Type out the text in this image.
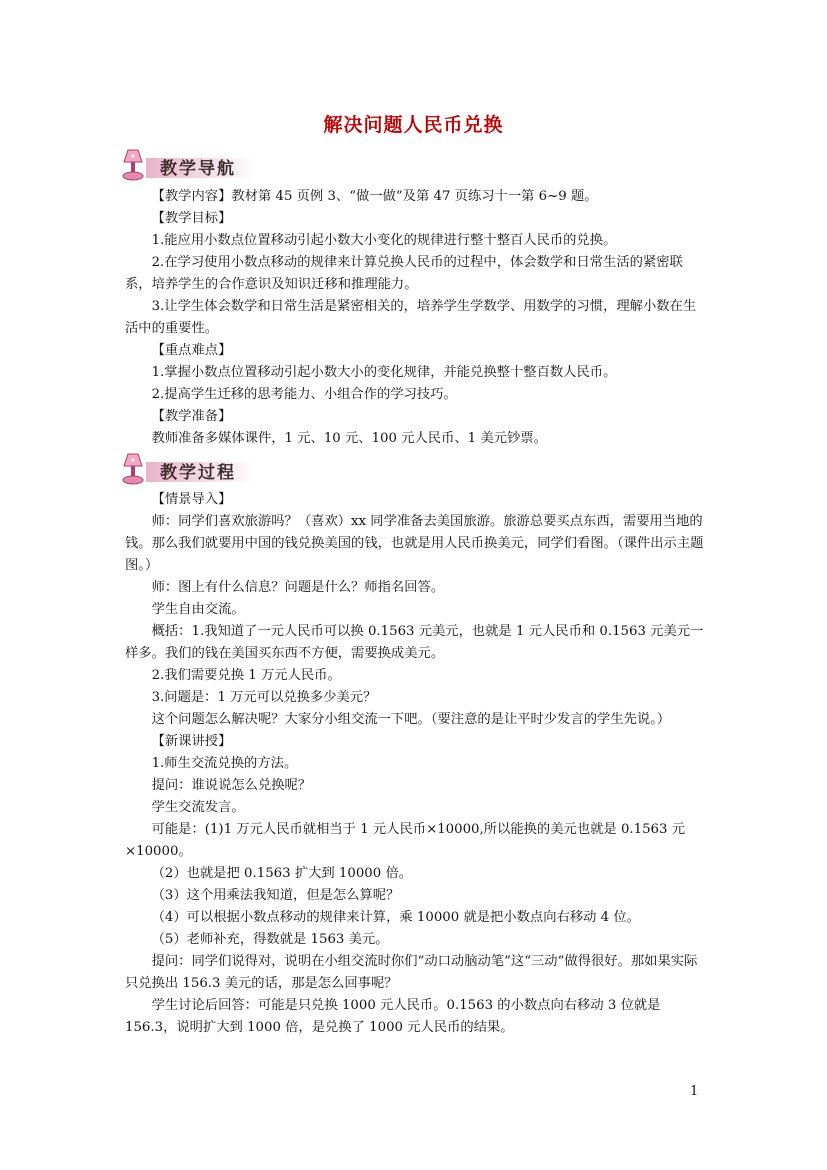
解决问题人民币兑换
教学导航

【教学内容】教材第 45 页例 3、“做一做”及第 47 页练习十一第 6~9 题。

【教学目标】

1.能应用小数点位置移动引起小数大小变化的规律进行整十整百人民币的兑换。

2.在学习使用小数点移动的规律来计算兑换人民币的过程中，体会数学和日常生活的紧密联系，培养学生的合作意识及知识迁移和推理能力。

3.让学生体会数学和日常生活是紧密相关的，培养学生学数学、用数学的习惯，理解小数在生活中的重要性。

【重点难点】

1.掌握小数点位置移动引起小数大小的变化规律，并能兑换整十整百数人民币。

2.提高学生迁移的思考能力、小组合作的学习技巧。

【教学准备】

教师准备多媒体课件，1 元、10 元、100 元人民币、1 美元钞票。

教学过程

【情景导入】

师：同学们喜欢旅游吗？（喜欢）xx 同学准备去美国旅游。旅游总要买点东西，需要用当地的钱。那么我们就要用中国的钱兑换美国的钱，也就是用人民币换美元，同学们看图。（课件出示主题图。）

师：图上有什么信息？问题是什么？师指名回答。

学生自由交流。

概括：1.我知道了一元人民币可以换 0.1563 元美元，也就是 1 元人民币和 0.1563 元美元一样多。我们的钱在美国买东西不方便，需要换成美元。

2.我们需要兑换 1 万元人民币。

3.问题是：1 万元可以兑换多少美元？

这个问题怎么解决呢？大家分小组交流一下吧。（要注意的是让平时少发言的学生先说。）

【新课讲授】

1.师生交流兑换的方法。

提问：谁说说怎么兑换呢？

学生交流发言。

可能是：(1)1 万元人民币就相当于 1 元人民币×10000,所以能换的美元也就是 0.1563 元×10000。

（2）也就是把 0.1563 扩大到 10000 倍。

（3）这个用乘法我知道，但是怎么算呢？

（4）可以根据小数点移动的规律来计算，乘 10000 就是把小数点向右移动 4 位。

（5）老师补充，得数就是 1563 美元。

提问：同学们说得对，说明在小组交流时你们“动口动脑动笔”这“三动”做得很好。那如果实际只兑换出 156.3 美元的话，那是怎么回事呢？

学生讨论后回答：可能是只兑换 1000 元人民币。0.1563 的小数点向右移动 3 位就是 156.3，说明扩大到 1000 倍，是兑换了 1000 元人民币的结果。

1
